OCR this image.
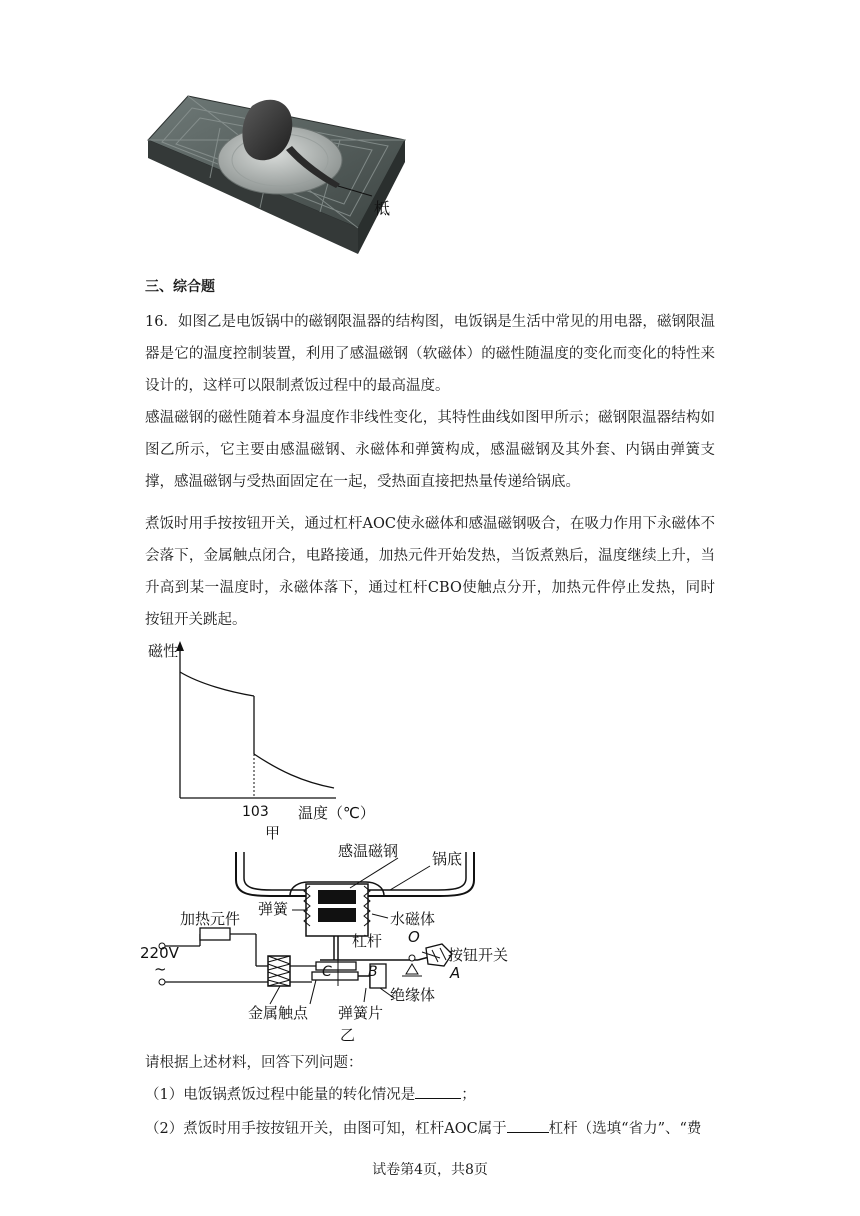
柢
三、综合题
16．如图乙是电饭锅中的磁钢限温器的结构图，电饭锅是生活中常见的用电器，磁钢限温器是它的温度控制装置，利用了感温磁钢（软磁体）的磁性随温度的变化而变化的特性来设计的，这样可以限制煮饭过程中的最高温度。
感温磁钢的磁性随着本身温度作非线性变化，其特性曲线如图甲所示；磁钢限温器结构如图乙所示，它主要由感温磁钢、永磁体和弹簧构成，感温磁钢及其外套、内锅由弹簧支撑，感温磁钢与受热面固定在一起，受热面直接把热量传递给锅底。
煮饭时用手按按钮开关，通过杠杆AOC使永磁体和感温磁钢吸合，在吸力作用下永磁体不会落下，金属触点闭合，电路接通，加热元件开始发热，当饭煮熟后，温度继续上升，当升高到某一温度时，永磁体落下，通过杠杆CBO使触点分开，加热元件停止发热，同时按钮开关跳起。
磁性
103 温度（℃）
甲
感温磁钢 锅底
弹簧
水磁体
加热元件
220V
~
杠杆 O
按钮开关
A
C	B
绝缘体
金属触点 弹簧片
乙
请根据上述材料，回答下列问题：
（1）电饭锅煮饭过程中能量的转化情况是	；
（2）煮饭时用手按按钮开关，由图可知，杠杆AOC属于	杠杆（选填“省力”、“费
试卷第4页，共8页
